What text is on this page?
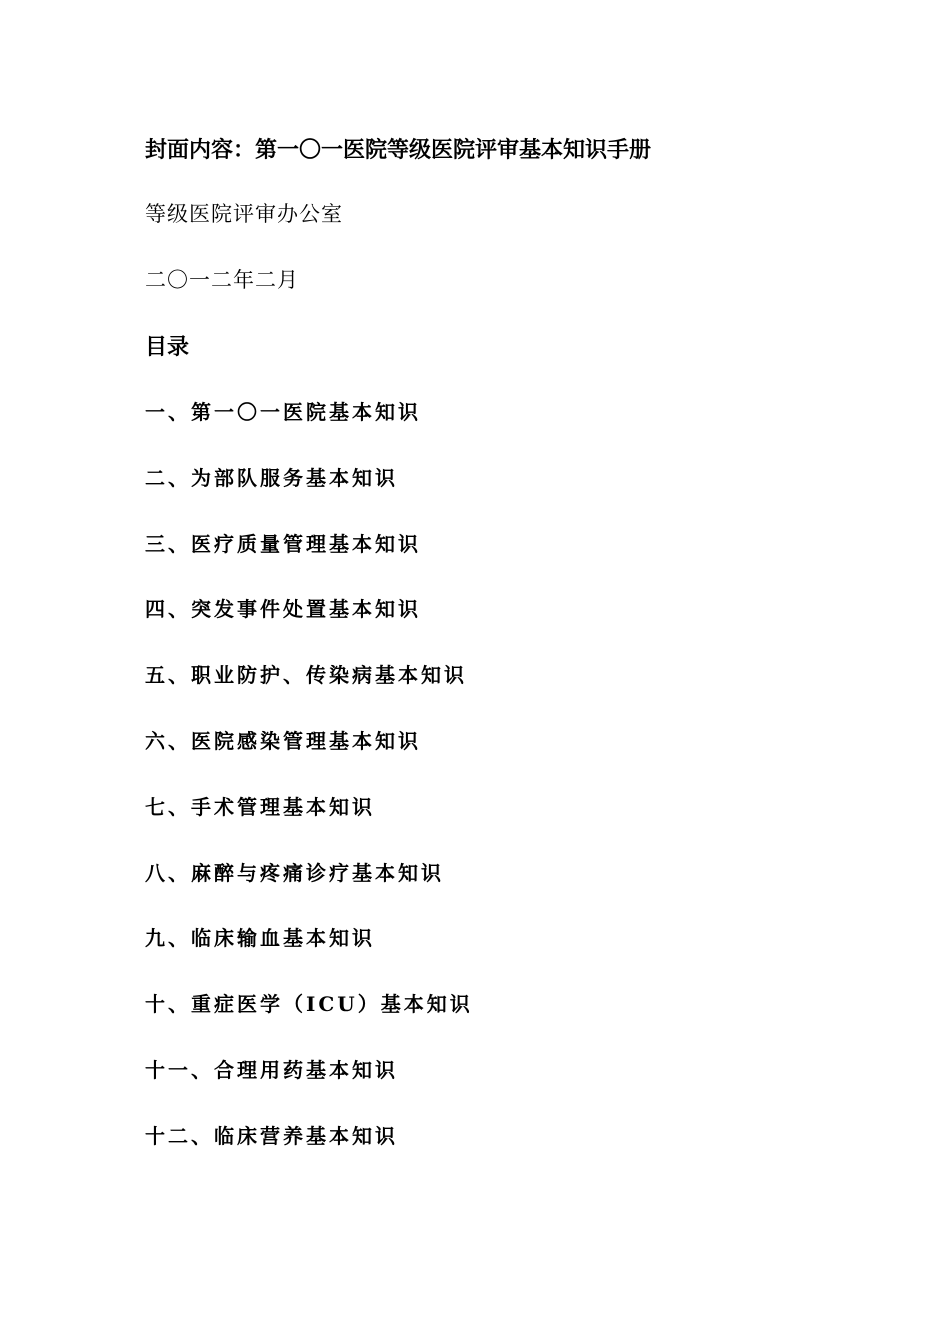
封面内容：第一〇一医院等级医院评审基本知识手册
等级医院评审办公室
二〇一二年二月
目录
一、第一〇一医院基本知识
二、为部队服务基本知识
三、医疗质量管理基本知识
四、突发事件处置基本知识
五、职业防护、传染病基本知识
六、医院感染管理基本知识
七、手术管理基本知识
八、麻醉与疼痛诊疗基本知识
九、临床输血基本知识
十、重症医学（ICU）基本知识
十一、合理用药基本知识
十二、临床营养基本知识
